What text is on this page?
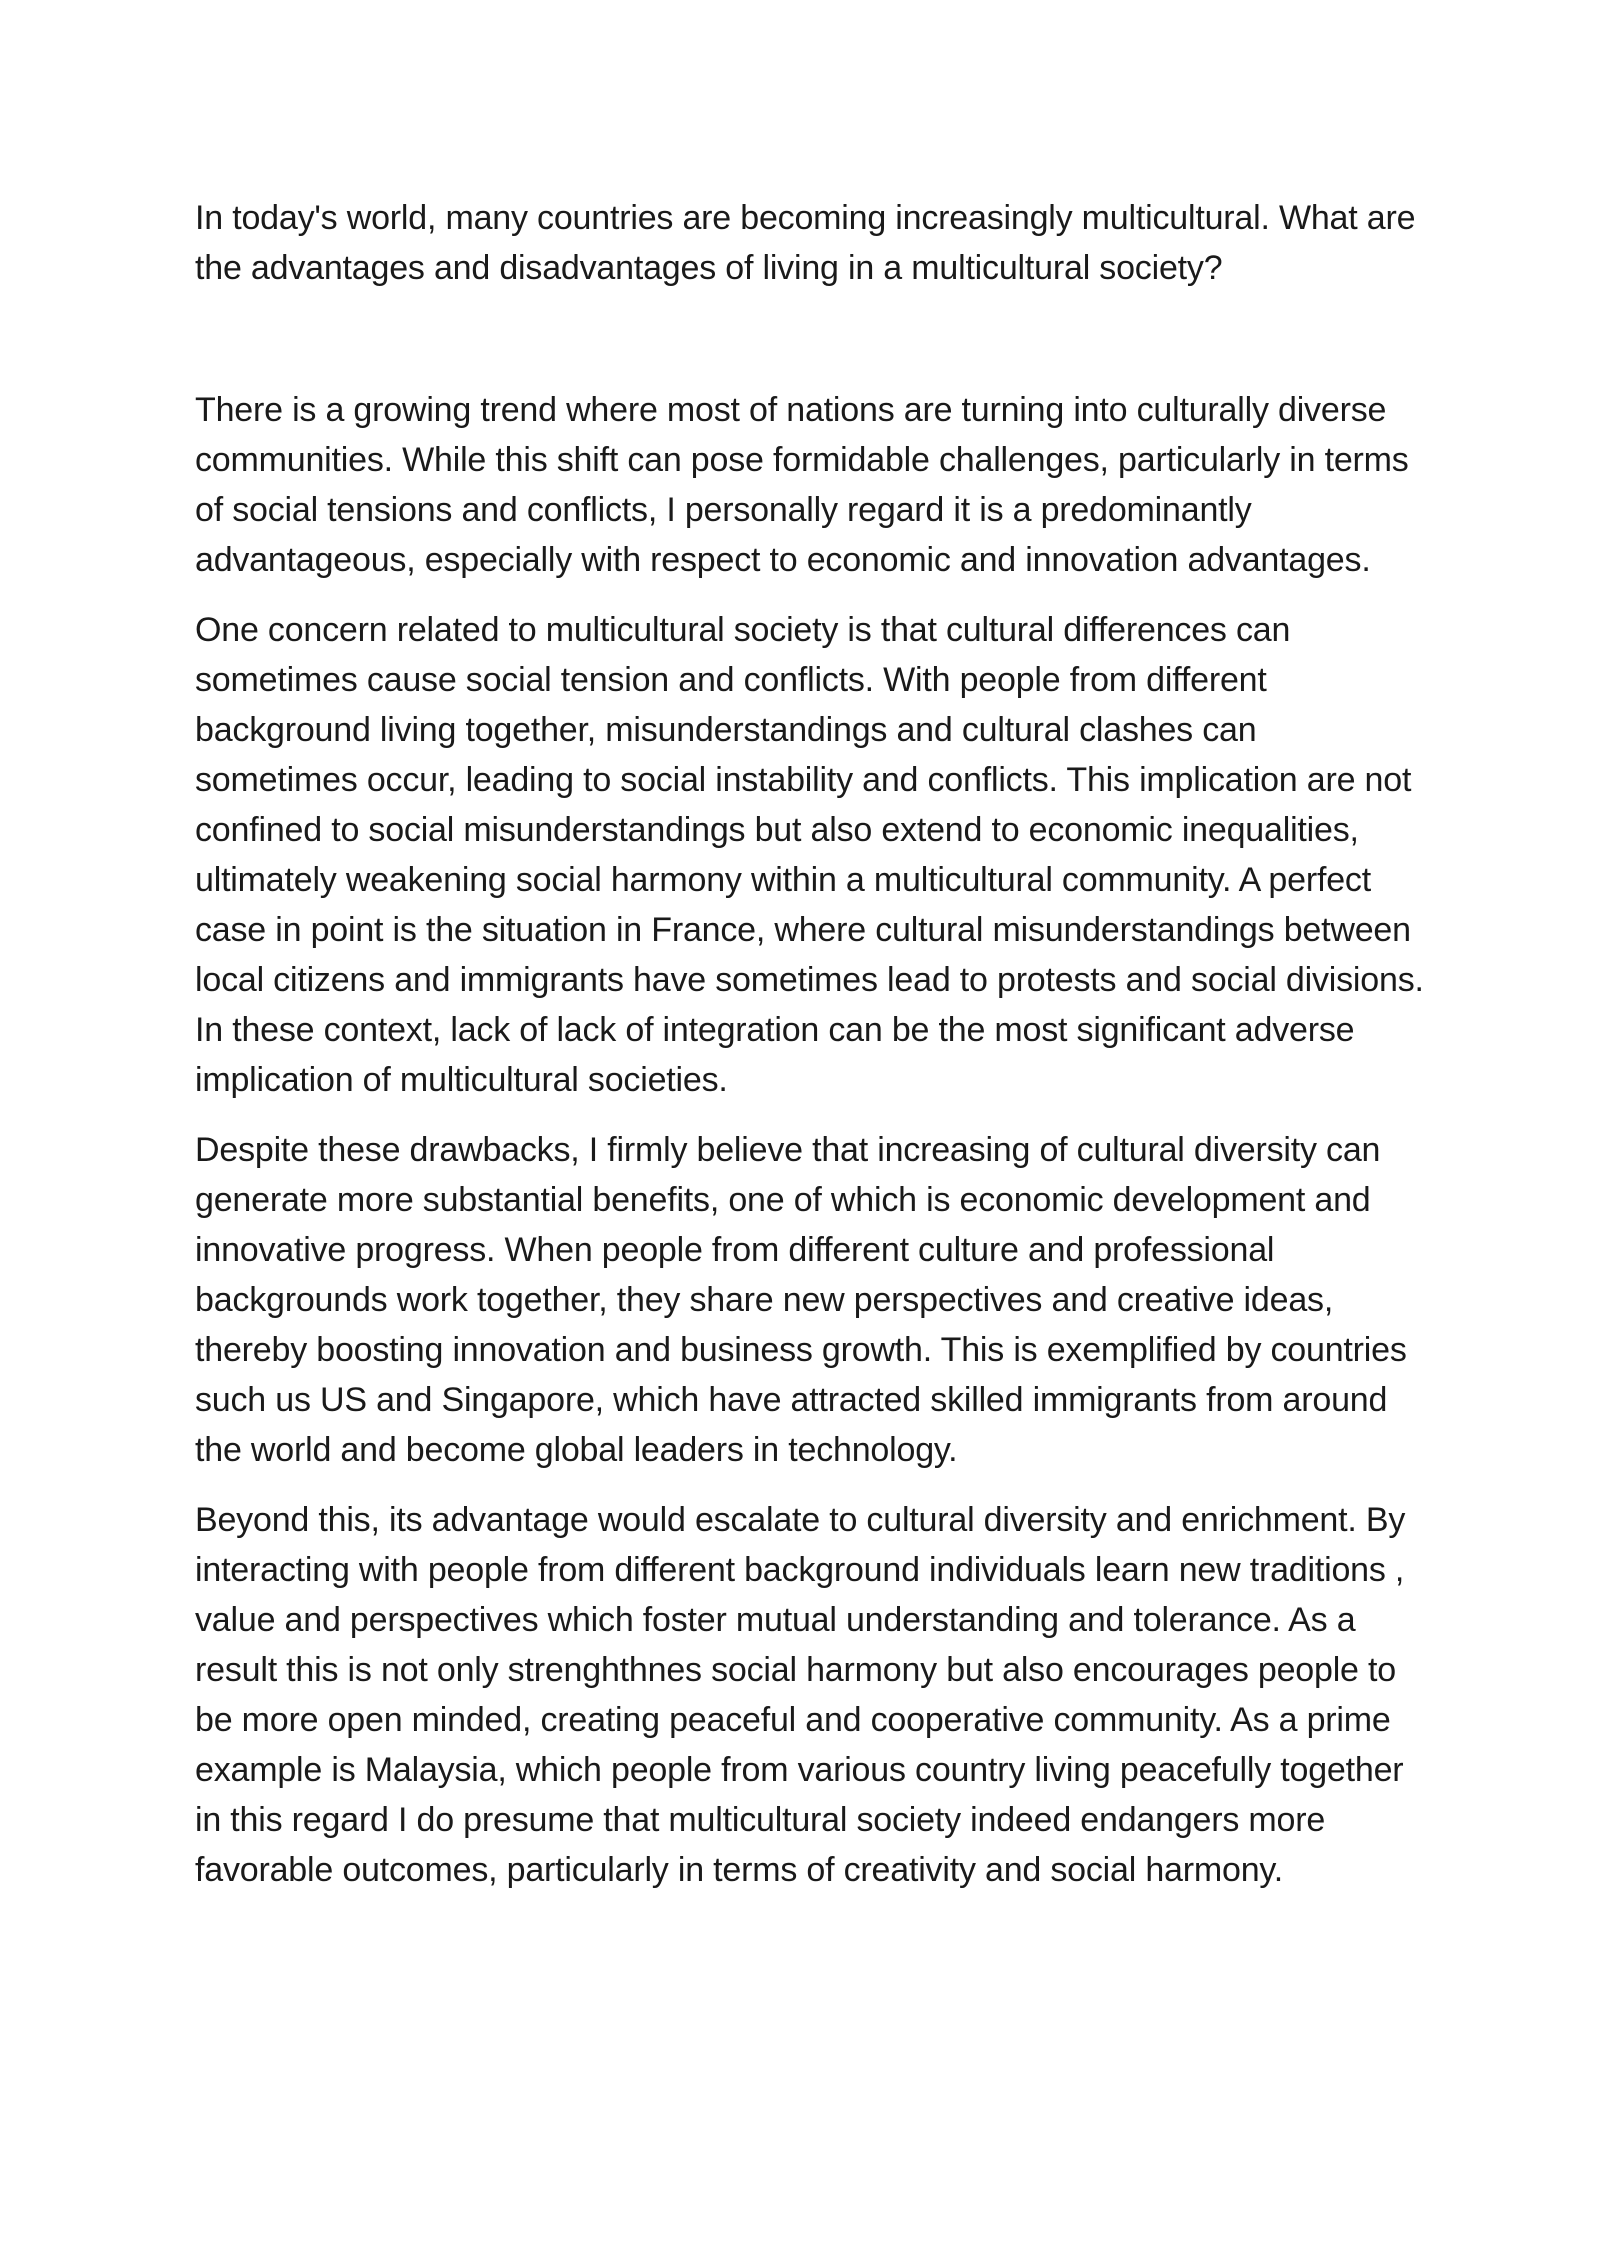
In today's world, many countries are becoming increasingly multicultural. What are the advantages and disadvantages of living in a multicultural society?

There is a growing trend where most of nations are turning into culturally diverse communities. While this shift can pose formidable challenges, particularly in terms of social tensions and conflicts, I personally regard it is a predominantly advantageous, especially with respect to economic and innovation advantages.

One concern related to multicultural society is that cultural differences can sometimes cause social tension and conflicts. With people from different background living together, misunderstandings and cultural clashes can sometimes occur, leading to social instability and conflicts. This implication are not confined to social misunderstandings but also extend to economic inequalities, ultimately weakening social harmony within a multicultural community. A perfect case in point is the situation in France, where cultural misunderstandings between local citizens and immigrants have sometimes lead to protests and social divisions. In these context, lack of lack of integration can be the most significant adverse implication of multicultural societies.

Despite these drawbacks, I firmly believe that increasing of cultural diversity can generate more substantial benefits, one of which is economic development and innovative progress. When people from different culture and professional backgrounds work together, they share new perspectives and creative ideas, thereby boosting innovation and business growth. This is exemplified by countries such us US and Singapore, which have attracted skilled immigrants from around the world and become global leaders in technology.

Beyond this, its advantage would escalate to cultural diversity and enrichment. By interacting with people from different background individuals learn new traditions , value and perspectives which foster mutual understanding and tolerance. As a result this is not only strenghthnes social harmony but also encourages people to be more open minded, creating peaceful and cooperative community. As a prime example is Malaysia, which people from various country living peacefully together in this regard I do presume that multicultural society indeed endangers more favorable outcomes, particularly in terms of creativity and social harmony.
